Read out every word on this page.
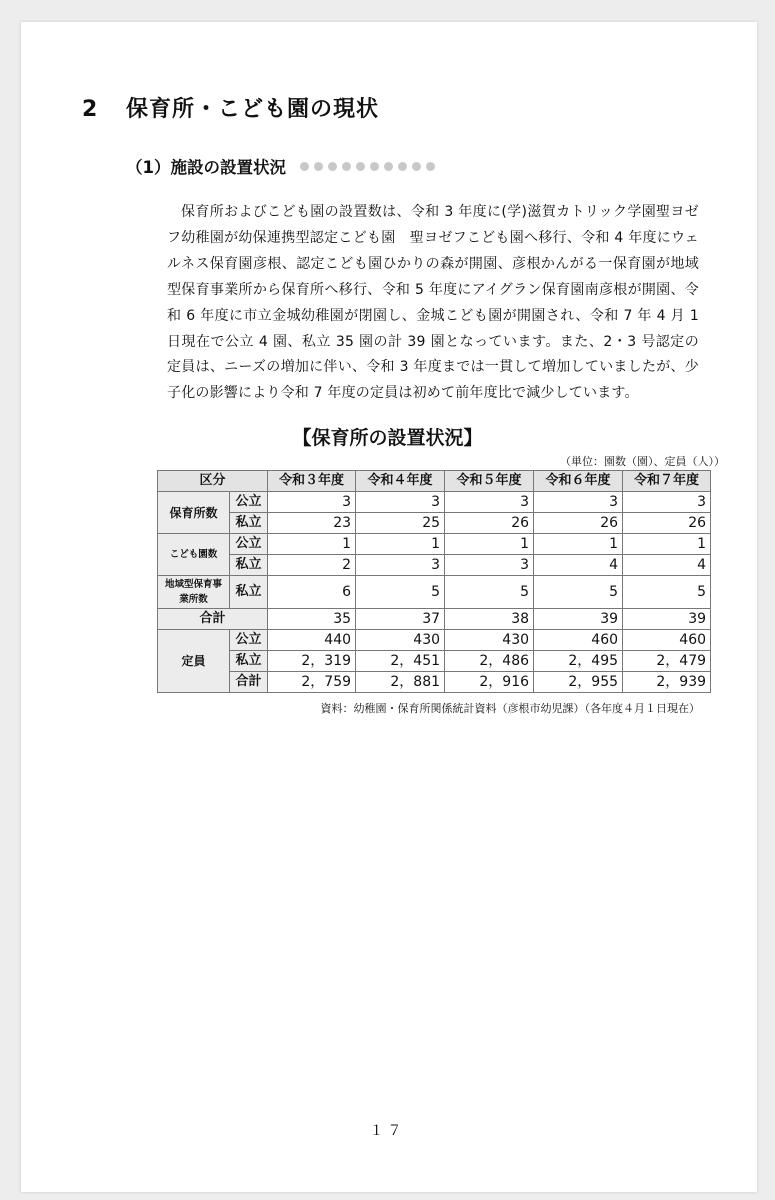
2 保育所・こども園の現状
（1）施設の設置状況
保育所およびこども園の設置数は、令和 3 年度に(学)滋賀カトリック学園聖ヨゼフ幼稚園が幼保連携型認定こども園　聖ヨゼフこども園へ移行、令和 4 年度にウェルネス保育園彦根、認定こども園ひかりの森が開園、彦根かんがる一保育園が地域型保育事業所から保育所へ移行、令和 5 年度にアイグラン保育園南彦根が開園、令和 6 年度に市立金城幼稚園が閉園し、金城こども園が開園され、令和 7 年 4 月 1 日現在で公立 4 園、私立 35 園の計 39 園となっています。また、2・3 号認定の定員は、ニーズの増加に伴い、令和 3 年度までは一貫して増加していましたが、少子化の影響により令和 7 年度の定員は初めて前年度比で減少しています。
【保育所の設置状況】
（単位：園数（園）、定員（人））
区分		令和３年度	令和４年度	令和５年度	令和６年度	令和７年度
保育所数	公立	3	3	3	3	3
	私立	23	25	26	26	26
こども園数	公立	1	1	1	1	1
	私立	2	3	3	4	4
地域型保育事業所数	私立	6	5	5	5	5
合計		35	37	38	39	39
定員	公立	440	430	430	460	460
	私立	2，319	2，451	2，486	2，495	2，479
	合計	2，759	2，881	2，916	2，955	2，939
資料：幼稚園・保育所関係統計資料（彦根市幼児課）（各年度４月１日現在）
１７
